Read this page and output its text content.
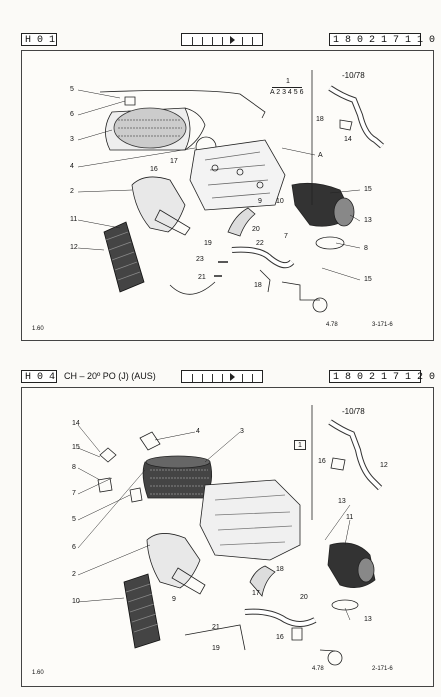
H 0 1	1 8 0 2 1 7 1 1 0
H 0 4 CH – 20º PO (J) (AUS)	1 8 0 2 1 7 1 2 0
1
A 2 3 4 5 6
-10/78
A
5
6
3
4
17
16
2
11
12
9 10
20
19	22
7
8
15
23
21
18
14
15
13
18
1.60
4.78	3-171-6
-10/78
1
14
15
8
7
5
6
4	3
2
10	9
18
17
13
11
12
16
21
19
20
16
13
1.60
4.78	2-171-6
